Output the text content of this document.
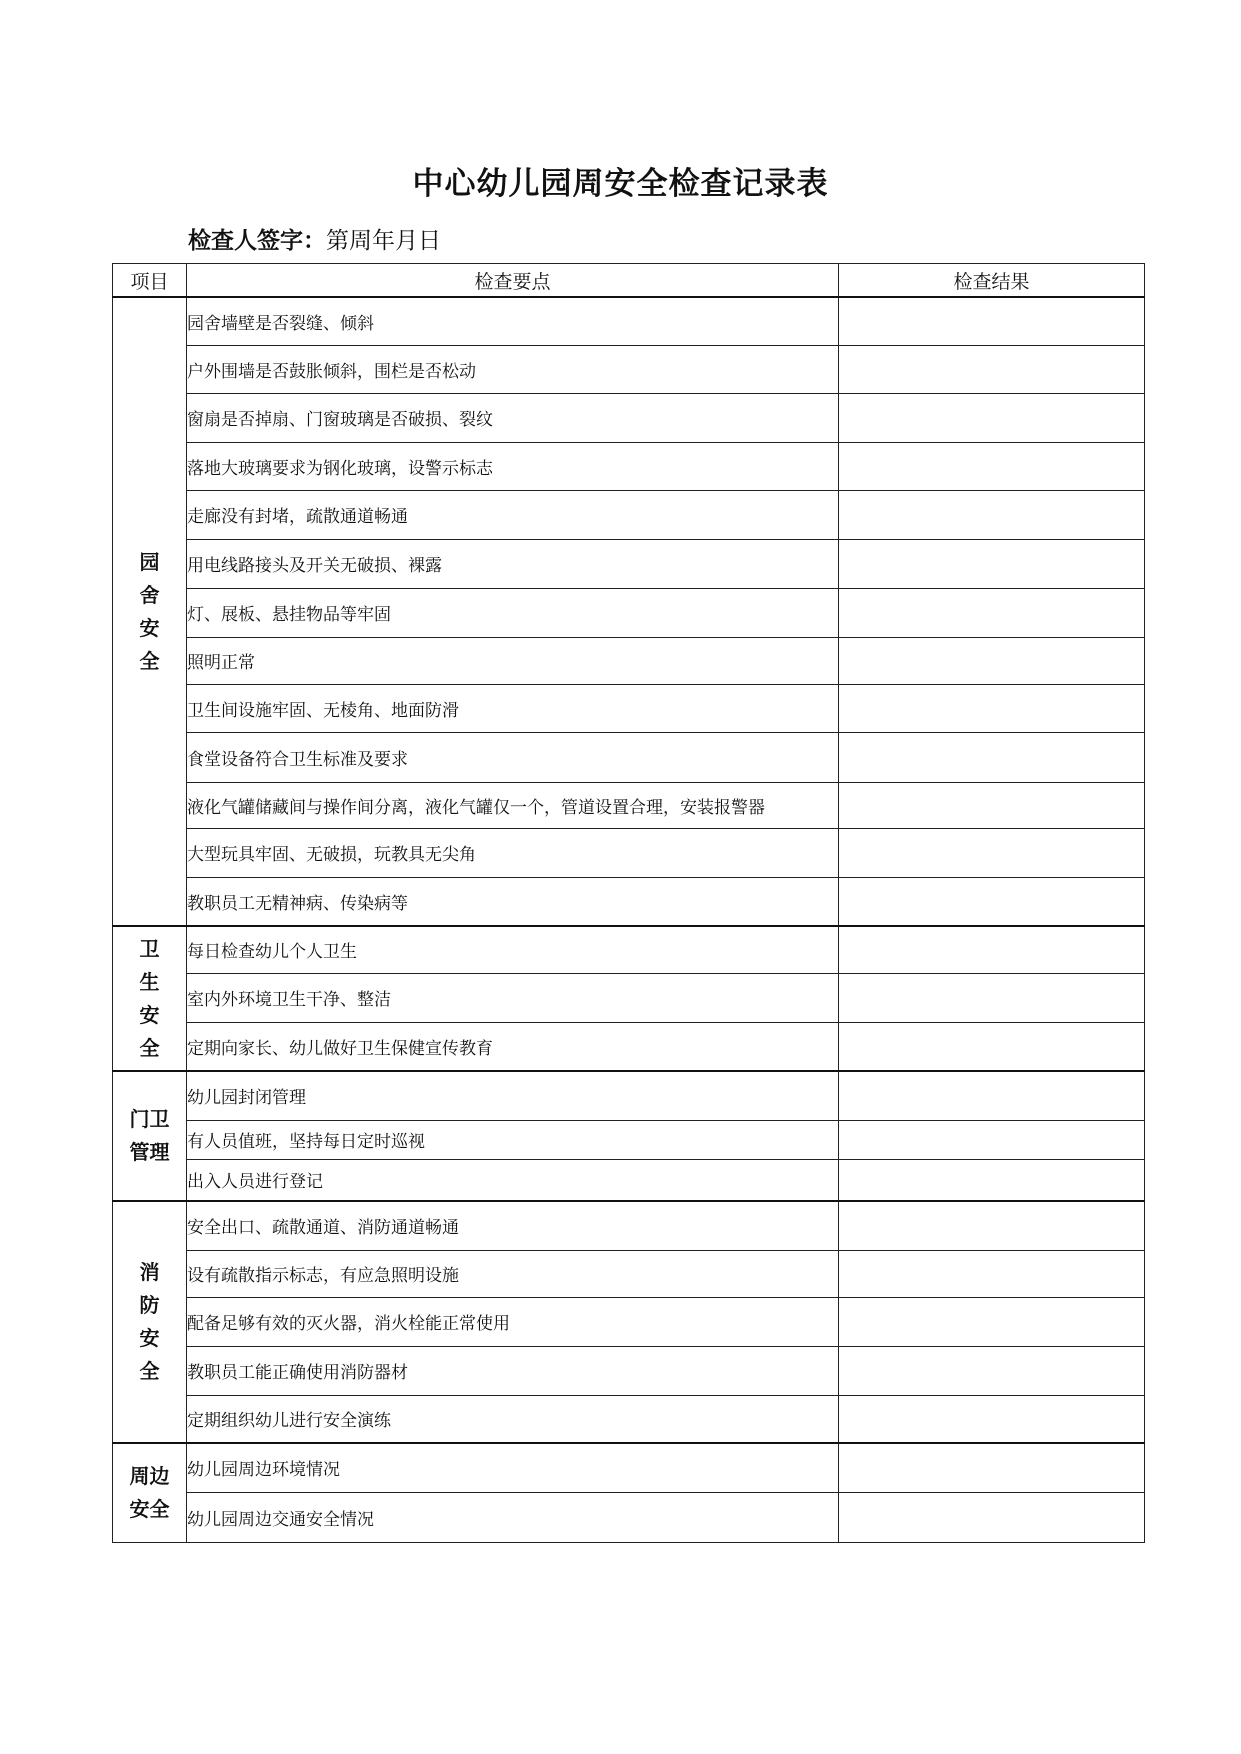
中心幼儿园周安全检查记录表
检查人签字：第周年月日
项目	检查要点	检查结果

园
舍
安
全	园舍墙壁是否裂缝、倾斜	
	户外围墙是否鼓胀倾斜，围栏是否松动	
	窗扇是否掉扇、门窗玻璃是否破损、裂纹	
	落地大玻璃要求为钢化玻璃，设警示标志	
	走廊没有封堵，疏散通道畅通	
	用电线路接头及开关无破损、裸露	
	灯、展板、悬挂物品等牢固	
	照明正常	
	卫生间设施牢固、无棱角、地面防滑	
	食堂设备符合卫生标准及要求	
	液化气罐储藏间与操作间分离，液化气罐仅一个，管道设置合理，安装报警器	
	大型玩具牢固、无破损，玩教具无尖角	
	教职员工无精神病、传染病等	

卫
生
安
全	每日检查幼儿个人卫生	
	室内外环境卫生干净、整洁	
	定期向家长、幼儿做好卫生保健宣传教育	

门卫
管理	幼儿园封闭管理	
	有人员值班，坚持每日定时巡视	
	出入人员进行登记	

消
防
安
全	安全出口、疏散通道、消防通道畅通	
	设有疏散指示标志，有应急照明设施	
	配备足够有效的灭火器，消火栓能正常使用	
	教职员工能正确使用消防器材	
	定期组织幼儿进行安全演练	

周边
安全	幼儿园周边环境情况	
	幼儿园周边交通安全情况	
